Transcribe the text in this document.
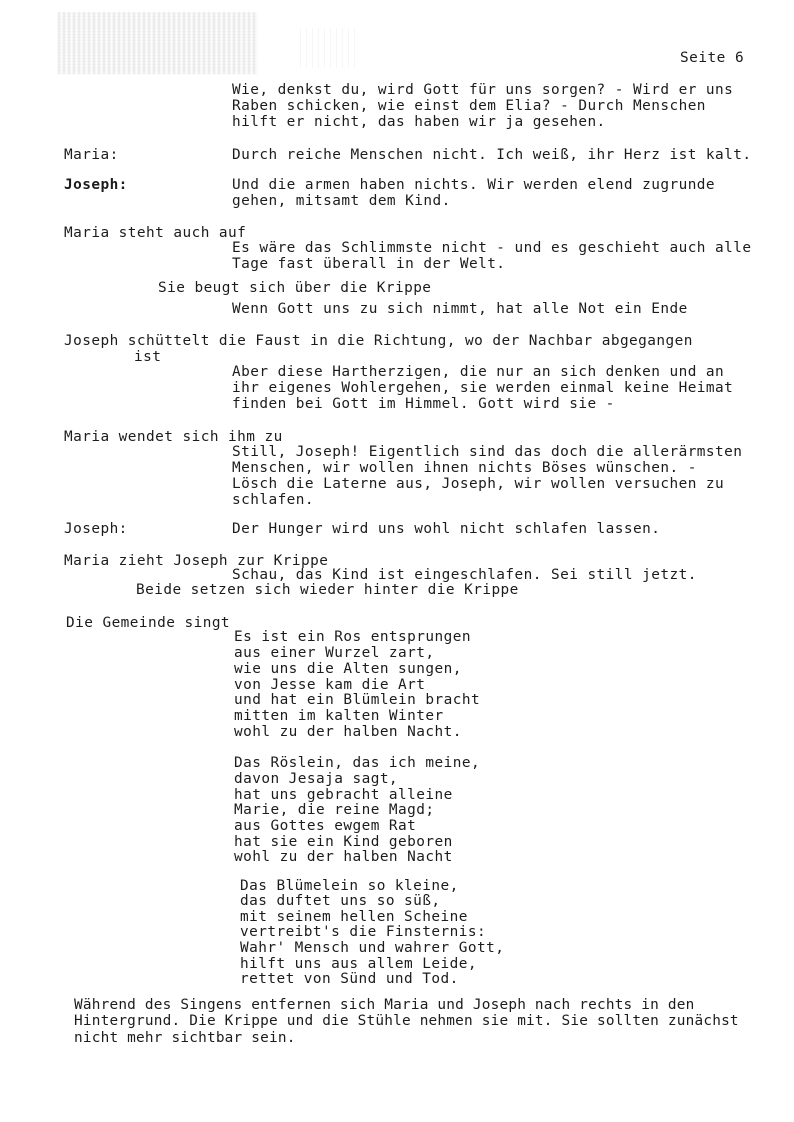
Seite 6
Wie, denkst du, wird Gott für uns sorgen? - Wird er uns
Raben schicken, wie einst dem Elia? - Durch Menschen
hilft er nicht, das haben wir ja gesehen.
Maria:	Durch reiche Menschen nicht. Ich weiß, ihr Herz ist kalt.
Joseph:	Und die armen haben nichts. Wir werden elend zugrunde
gehen, mitsamt dem Kind.
Maria steht auch auf
Es wäre das Schlimmste nicht - und es geschieht auch alle
Tage fast überall in der Welt.
Sie beugt sich über die Krippe
Wenn Gott uns zu sich nimmt, hat alle Not ein Ende
Joseph schüttelt die Faust in die Richtung, wo der Nachbar abgegangen
ist
Aber diese Hartherzigen, die nur an sich denken und an
ihr eigenes Wohlergehen, sie werden einmal keine Heimat
finden bei Gott im Himmel. Gott wird sie -
Maria wendet sich ihm zu
Still, Joseph! Eigentlich sind das doch die allerärmsten
Menschen, wir wollen ihnen nichts Böses wünschen. -
Lösch die Laterne aus, Joseph, wir wollen versuchen zu
schlafen.
Joseph:	Der Hunger wird uns wohl nicht schlafen lassen.
Maria zieht Joseph zur Krippe
Schau, das Kind ist eingeschlafen. Sei still jetzt.
Beide setzen sich wieder hinter die Krippe
Die Gemeinde singt
Es ist ein Ros entsprungen
aus einer Wurzel zart,
wie uns die Alten sungen,
von Jesse kam die Art
und hat ein Blümlein bracht
mitten im kalten Winter
wohl zu der halben Nacht.
Das Röslein, das ich meine,
davon Jesaja sagt,
hat uns gebracht alleine
Marie, die reine Magd;
aus Gottes ewgem Rat
hat sie ein Kind geboren
wohl zu der halben Nacht
Das Blümelein so kleine,
das duftet uns so süß,
mit seinem hellen Scheine
vertreibt's die Finsternis:
Wahr' Mensch und wahrer Gott,
hilft uns aus allem Leide,
rettet von Sünd und Tod.
Während des Singens entfernen sich Maria und Joseph nach rechts in den
Hintergrund. Die Krippe und die Stühle nehmen sie mit. Sie sollten zunächst
nicht mehr sichtbar sein.
